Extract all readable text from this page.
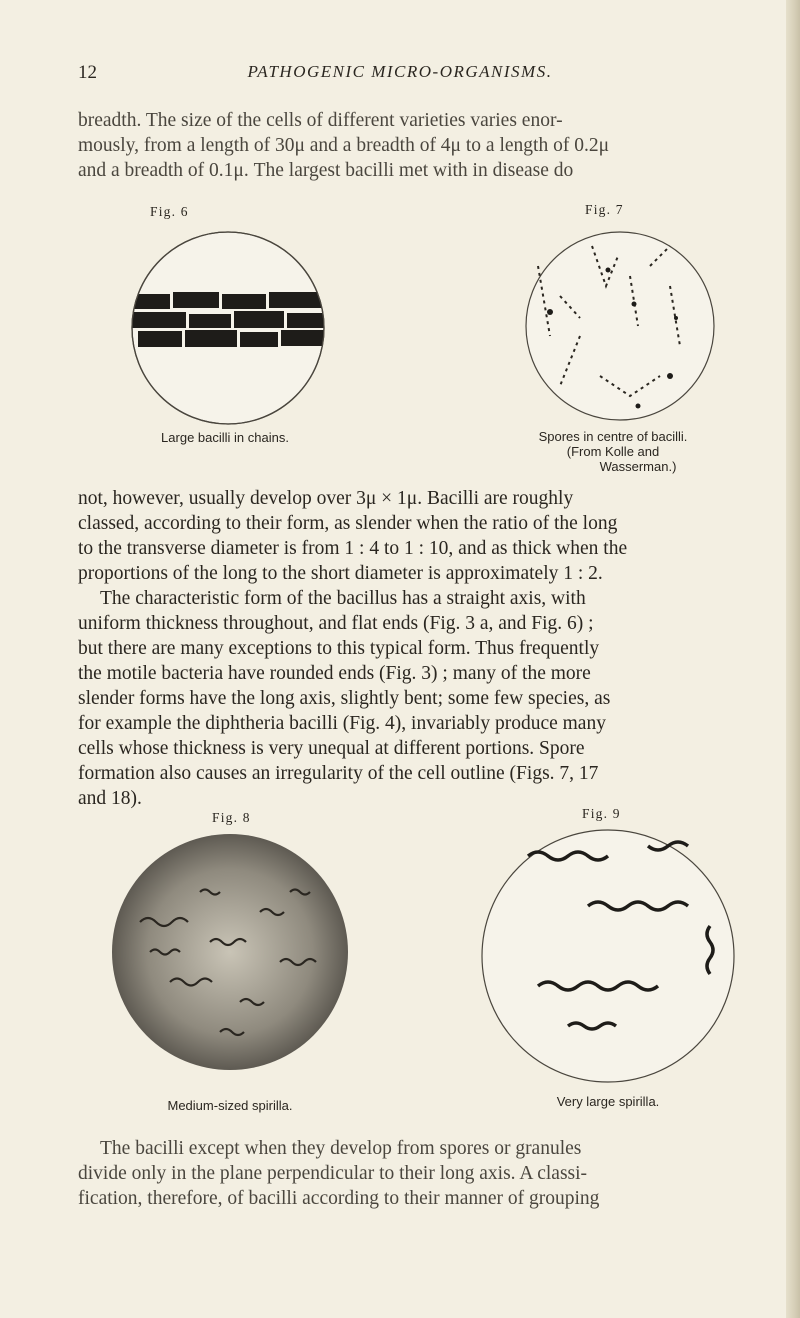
12	PATHOGENIC MICRO-ORGANISMS.

breadth. The size of the cells of different varieties varies enor-
mously, from a length of 30μ and a breadth of 4μ to a length of 0.2μ
and a breadth of 0.1μ. The largest bacilli met with in disease do

Fig. 6
Large bacilli in chains.
Fig. 7
Spores in centre of bacilli.
(From Kolle and
Wasserman.)

not, however, usually develop over 3μ × 1μ. Bacilli are roughly
classed, according to their form, as slender when the ratio of the long
to the transverse diameter is from 1 : 4 to 1 : 10, and as thick when the
proportions of the long to the short diameter is approximately 1 : 2.
The characteristic form of the bacillus has a straight axis, with
uniform thickness throughout, and flat ends (Fig. 3 a, and Fig. 6) ;
but there are many exceptions to this typical form. Thus frequently
the motile bacteria have rounded ends (Fig. 3) ; many of the more
slender forms have the long axis, slightly bent; some few species, as
for example the diphtheria bacilli (Fig. 4), invariably produce many
cells whose thickness is very unequal at different portions. Spore
formation also causes an irregularity of the cell outline (Figs. 7, 17
and 18).

Fig. 8
Medium-sized spirilla.
Fig. 9
Very large spirilla.

The bacilli except when they develop from spores or granules
divide only in the plane perpendicular to their long axis. A classi-
fication, therefore, of bacilli according to their manner of grouping
